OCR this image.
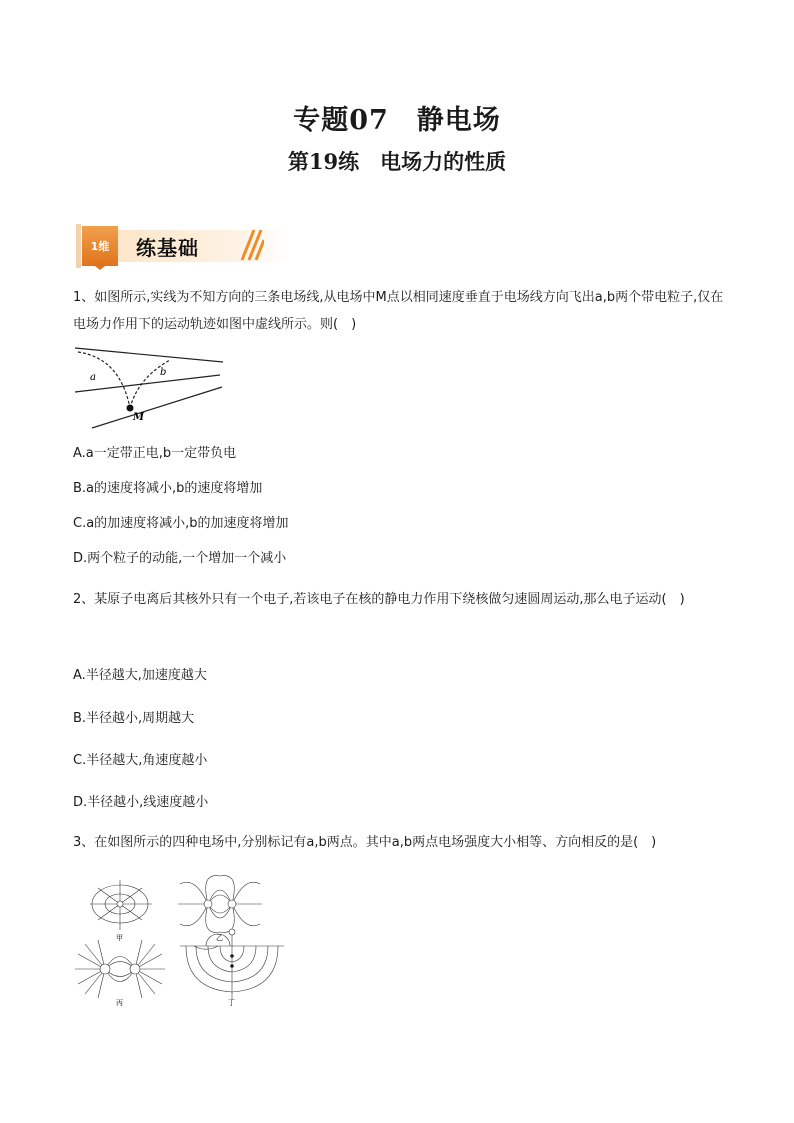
专题07　静电场
第19练　电场力的性质
练基础
1维
1、如图所示,实线为不知方向的三条电场线,从电场中M点以相同速度垂直于电场线方向飞出a,b两个带电粒子,仅在电场力作用下的运动轨迹如图中虚线所示。则(　)
a	b
M
A.a一定带正电,b一定带负电
B.a的速度将减小,b的速度将增加
C.a的加速度将减小,b的加速度将增加
D.两个粒子的动能,一个增加一个减小
2、某原子电离后其核外只有一个电子,若该电子在核的静电力作用下绕核做匀速圆周运动,那么电子运动(　)
A.半径越大,加速度越大
B.半径越小,周期越大
C.半径越大,角速度越小
D.半径越小,线速度越小
3、在如图所示的四种电场中,分别标记有a,b两点。其中a,b两点电场强度大小相等、方向相反的是(　)
甲	乙
丙	丁
